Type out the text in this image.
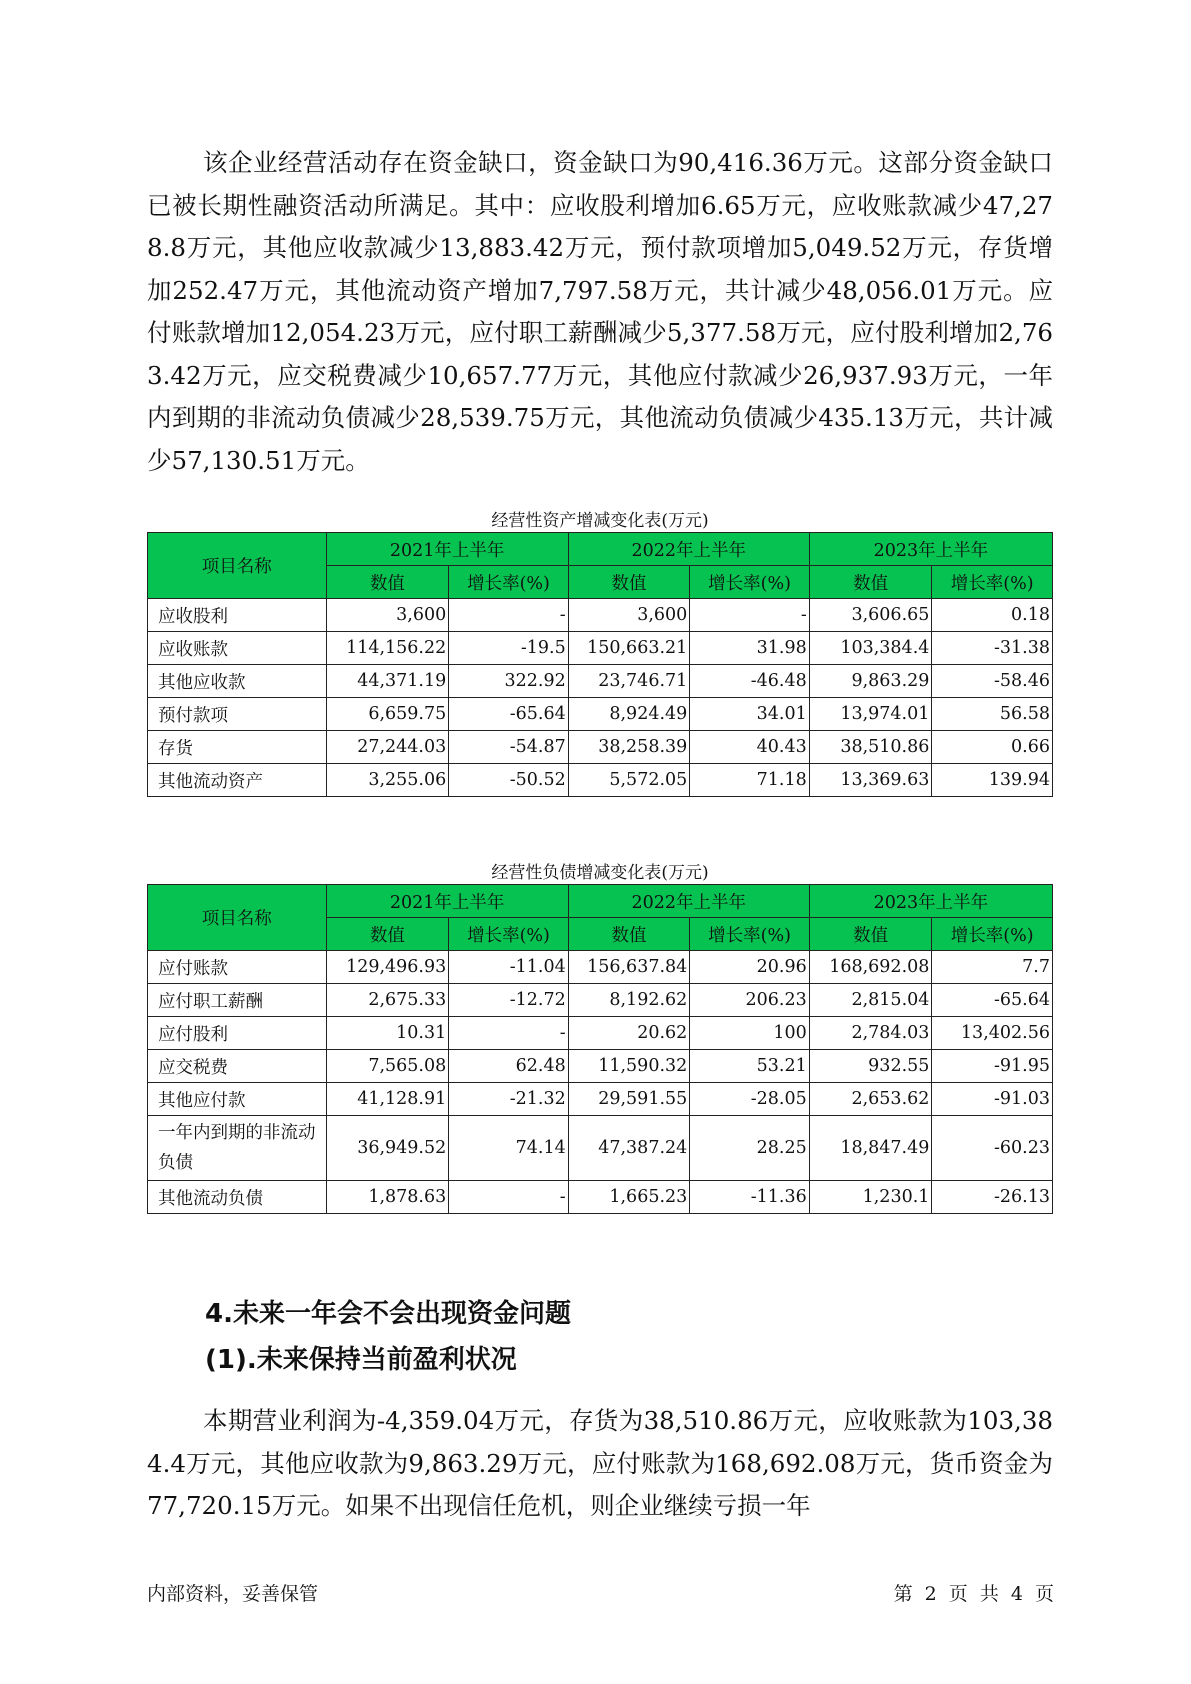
该企业经营活动存在资金缺口，资金缺口为90,416.36万元。这部分资金缺口已被长期性融资活动所满足。其中：应收股利增加6.65万元，应收账款减少47,278.8万元，其他应收款减少13,883.42万元，预付款项增加5,049.52万元，存货增加252.47万元，其他流动资产增加7,797.58万元，共计减少48,056.01万元。应付账款增加12,054.23万元，应付职工薪酬减少5,377.58万元，应付股利增加2,763.42万元，应交税费减少10,657.77万元，其他应付款减少26,937.93万元，一年内到期的非流动负债减少28,539.75万元，其他流动负债减少435.13万元，共计减少57,130.51万元。

经营性资产增减变化表(万元)
项目名称	2021年上半年		2022年上半年		2023年上半年	
	数值	增长率(%)	数值	增长率(%)	数值	增长率(%)
应收股利	3,600	-	3,600	-	3,606.65	0.18
应收账款	114,156.22	-19.5	150,663.21	31.98	103,384.4	-31.38
其他应收款	44,371.19	322.92	23,746.71	-46.48	9,863.29	-58.46
预付款项	6,659.75	-65.64	8,924.49	34.01	13,974.01	56.58
存货	27,244.03	-54.87	38,258.39	40.43	38,510.86	0.66
其他流动资产	3,255.06	-50.52	5,572.05	71.18	13,369.63	139.94
经营性负债增减变化表(万元)
项目名称	2021年上半年		2022年上半年		2023年上半年	
	数值	增长率(%)	数值	增长率(%)	数值	增长率(%)
应付账款	129,496.93	-11.04	156,637.84	20.96	168,692.08	7.7
应付职工薪酬	2,675.33	-12.72	8,192.62	206.23	2,815.04	-65.64
应付股利	10.31	-	20.62	100	2,784.03	13,402.56
应交税费	7,565.08	62.48	11,590.32	53.21	932.55	-91.95
其他应付款	41,128.91	-21.32	29,591.55	-28.05	2,653.62	-91.03
一年内到期的非流动负债	36,949.52	74.14	47,387.24	28.25	18,847.49	-60.23
其他流动负债	1,878.63	-	1,665.23	-11.36	1,230.1	-26.13
4.未来一年会不会出现资金问题
(1).未来保持当前盈利状况

本期营业利润为-4,359.04万元，存货为38,510.86万元，应收账款为103,384.4万元，其他应收款为9,863.29万元，应付账款为168,692.08万元，货币资金为77,720.15万元。如果不出现信任危机，则企业继续亏损一年

内部资料，妥善保管	第 2 页 共 4 页
